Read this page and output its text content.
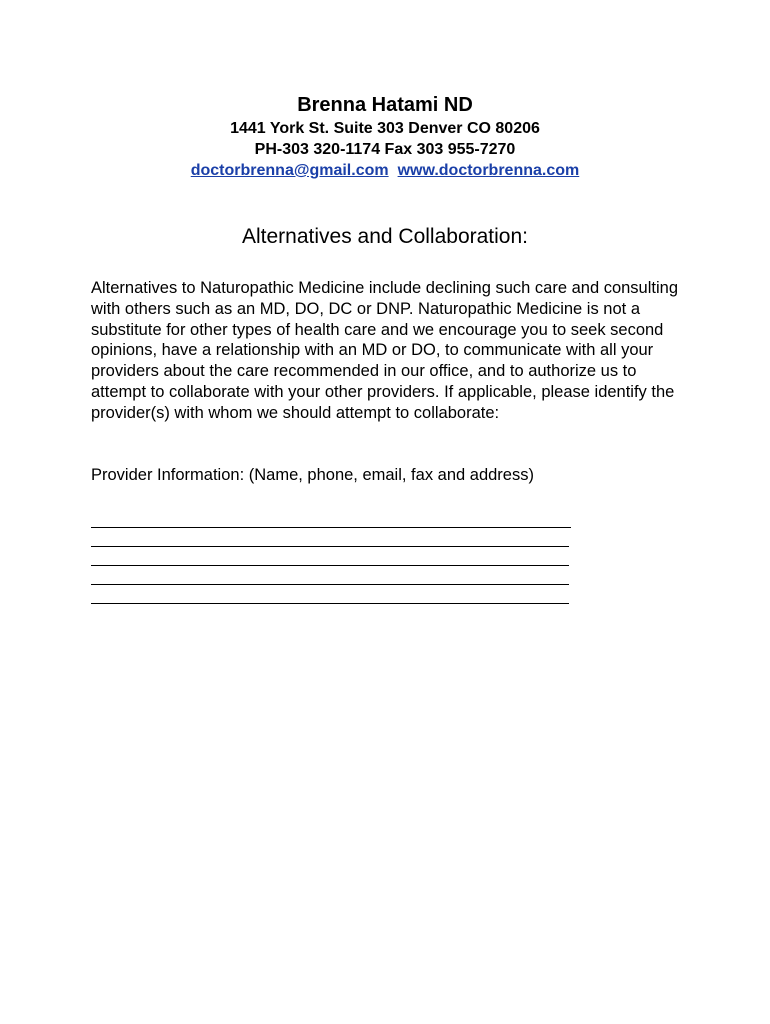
Brenna Hatami ND

1441 York St. Suite 303 Denver CO 80206

PH-303 320-1174 Fax 303 955-7270

doctorbrenna@gmail.com www.doctorbrenna.com

Alternatives and Collaboration:

Alternatives to Naturopathic Medicine include declining such care and consulting with others such as an MD, DO, DC or DNP. Naturopathic Medicine is not a substitute for other types of health care and we encourage you to seek second opinions, have a relationship with an MD or DO, to communicate with all your providers about the care recommended in our office, and to authorize us to attempt to collaborate with your other providers. If applicable, please identify the provider(s) with whom we should attempt to collaborate:

Provider Information: (Name, phone, email, fax and address)
